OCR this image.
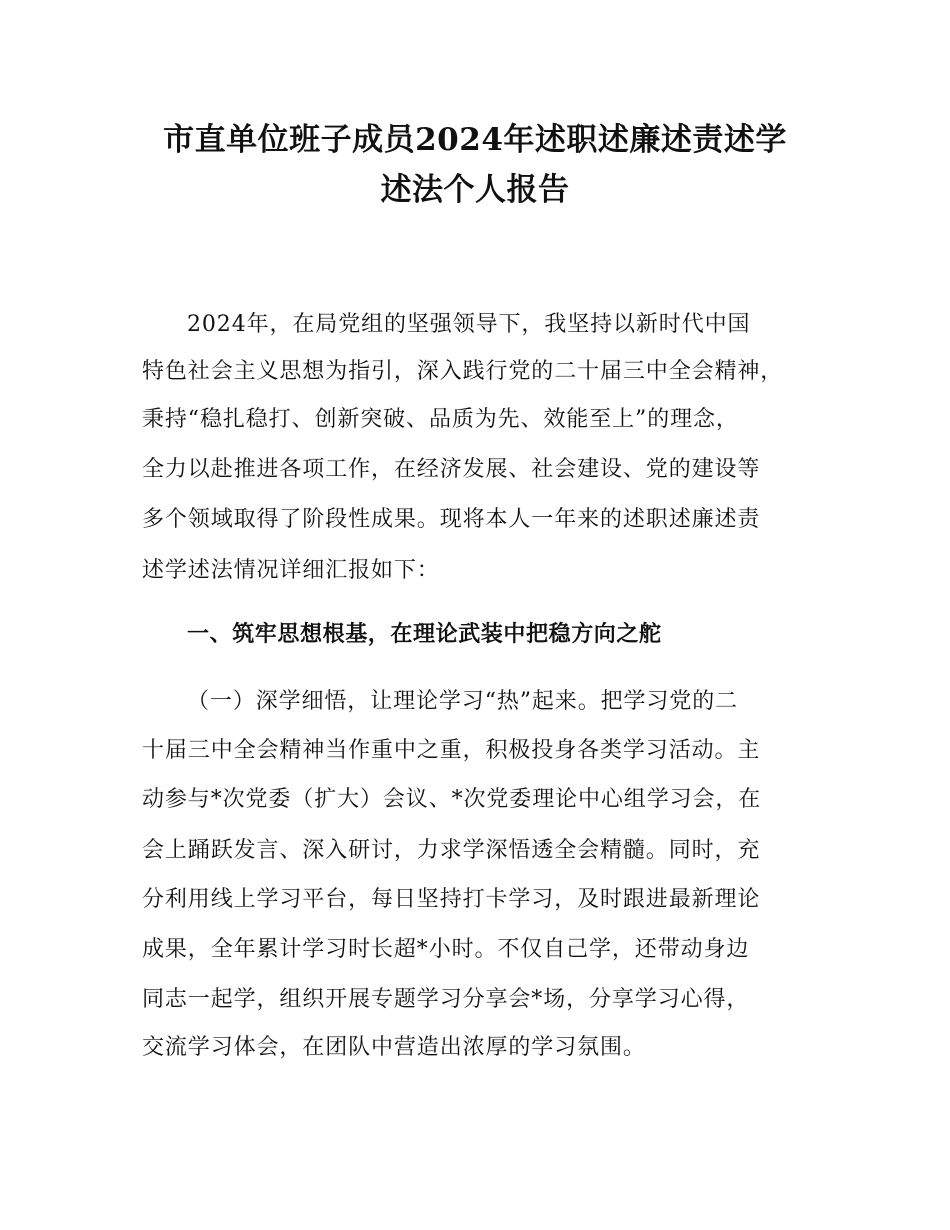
市直单位班子成员2024年述职述廉述责述学
述法个人报告
2024年，在局党组的坚强领导下，我坚持以新时代中国
特色社会主义思想为指引，深入践行党的二十届三中全会精神，
秉持“稳扎稳打、创新突破、品质为先、效能至上”的理念，
全力以赴推进各项工作，在经济发展、社会建设、党的建设等
多个领域取得了阶段性成果。现将本人一年来的述职述廉述责
述学述法情况详细汇报如下：
一、筑牢思想根基，在理论武装中把稳方向之舵
（一）深学细悟，让理论学习“热”起来。把学习党的二
十届三中全会精神当作重中之重，积极投身各类学习活动。主
动参与*次党委（扩大）会议、*次党委理论中心组学习会，在
会上踊跃发言、深入研讨，力求学深悟透全会精髓。同时，充
分利用线上学习平台，每日坚持打卡学习，及时跟进最新理论
成果，全年累计学习时长超*小时。不仅自己学，还带动身边
同志一起学，组织开展专题学习分享会*场，分享学习心得，
交流学习体会，在团队中营造出浓厚的学习氛围。
